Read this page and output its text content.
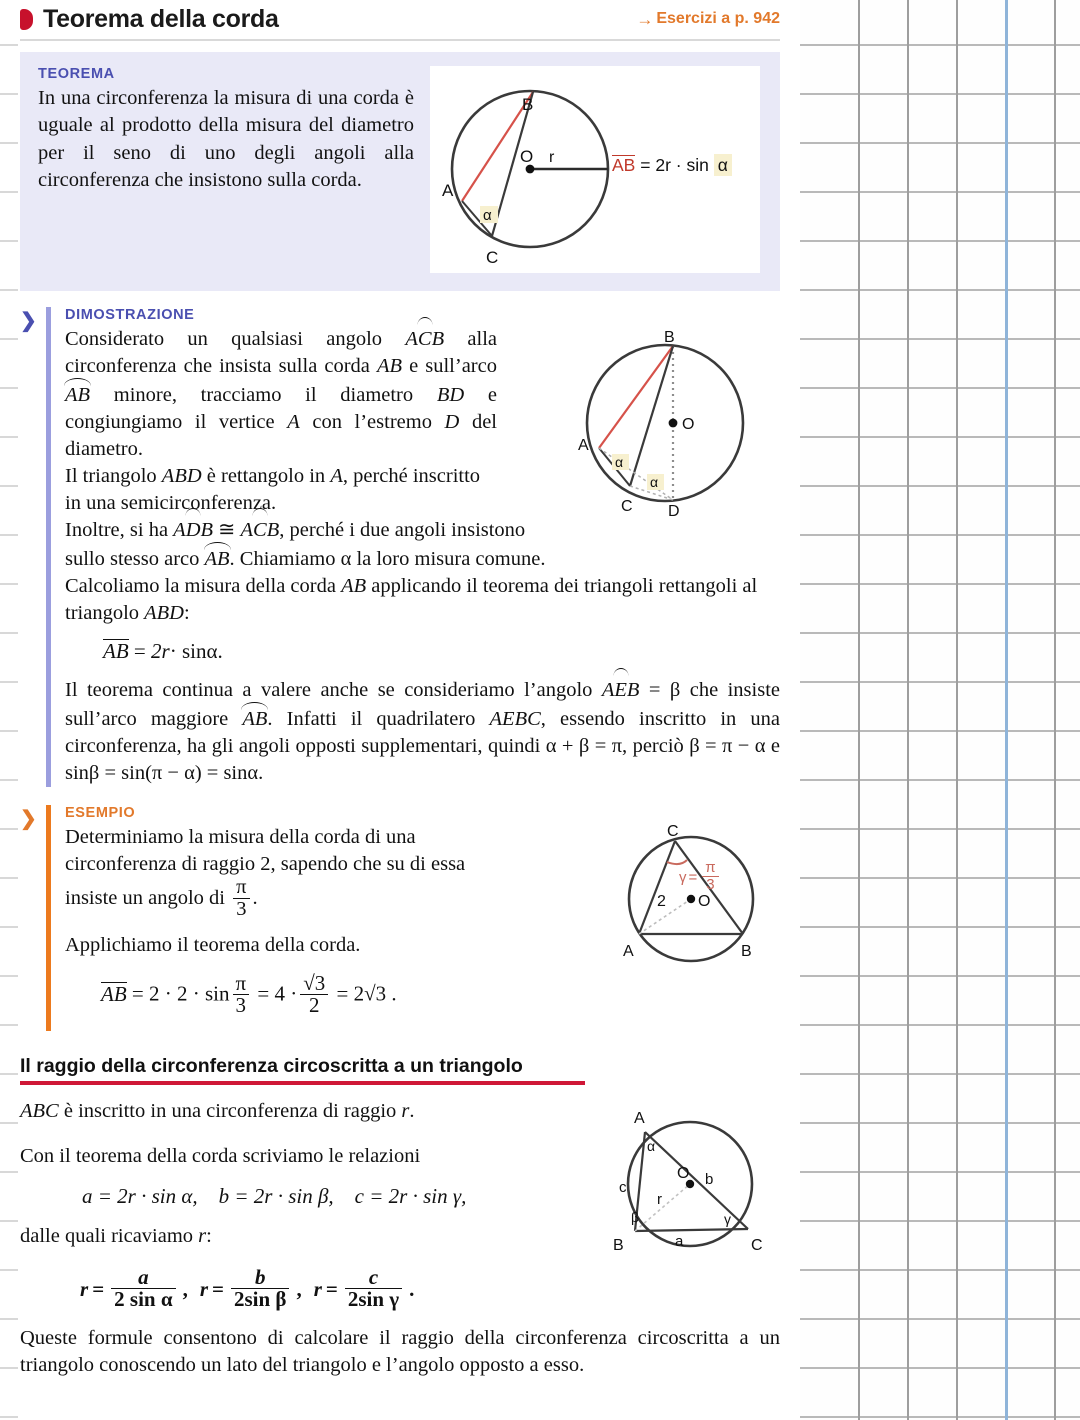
Teorema della corda	→ Esercizi a p. 942
TEOREMA
In una circonferenza la misura di una corda è uguale al prodotto della misura del diametro per il seno di uno degli angoli alla circonferenza che insistono sulla corda.
B
A
C
O r
α
AB = 2r · sin α
❯	DIMOSTRAZIONE
B
A
C D
O
α
α

Considerato un qualsiasi angolo ACB alla circonferenza che insista sulla corda AB e sull’arco AB minore, tracciamo il diametro BD e congiungiamo il vertice A con l’estremo D del diametro.

Il triangolo ABD è rettangolo in A, perché inscritto in una semicirconferenza.

Inoltre, si ha ADB ≅ ACB, perché i due angoli insistono sullo stesso arco AB. Chiamiamo α la loro misura comune.

Calcoliamo la misura della corda AB applicando il teorema dei triangoli rettangoli al triangolo ABD:

AB = 2r· sinα.

Il teorema continua a valere anche se consideriamo l’angolo AEB = β che insiste sull’arco maggiore AB. Infatti il quadrilatero AEBC, essendo inscritto in una circonferenza, ha gli angoli opposti supplementari, quindi α + β = π, perciò β = π − α e sinβ = sin(π − α) = sinα.

❯	ESEMPIO
C
A	B
O
2
$\gamma = \frac{\pi}{3}$

Determiniamo la misura della corda di una circonferenza di raggio 2, sapendo che su di essa insiste un angolo di $\frac{\pi}{3}$ .

Applichiamo il teorema della corda.

AB = $2 \cdot 2 \cdot \sin \frac{\pi}{3} = 4 \cdot \frac{√3}{2} = 2√3$ .
Il raggio della circonferenza circoscritta a un triangolo
A
B	C
O
c	b
a
r
α
β	γ

ABC è inscritto in una circonferenza di raggio r.

Con il teorema della corda scriviamo le relazioni

a = 2r · sin α,    b = 2r · sin β,    c = 2r · sin γ,

dalle quali ricaviamo r:

$r = \frac{a}{\text{2 sin α}}$ , $r = \frac{b}{\text{2sin β}}$ , $r = \frac{c}{\text{2sin γ}}$ .

Queste formule consentono di calcolare il raggio della circonferenza circoscritta a un triangolo conoscendo un lato del triangolo e l’angolo opposto a esso.
